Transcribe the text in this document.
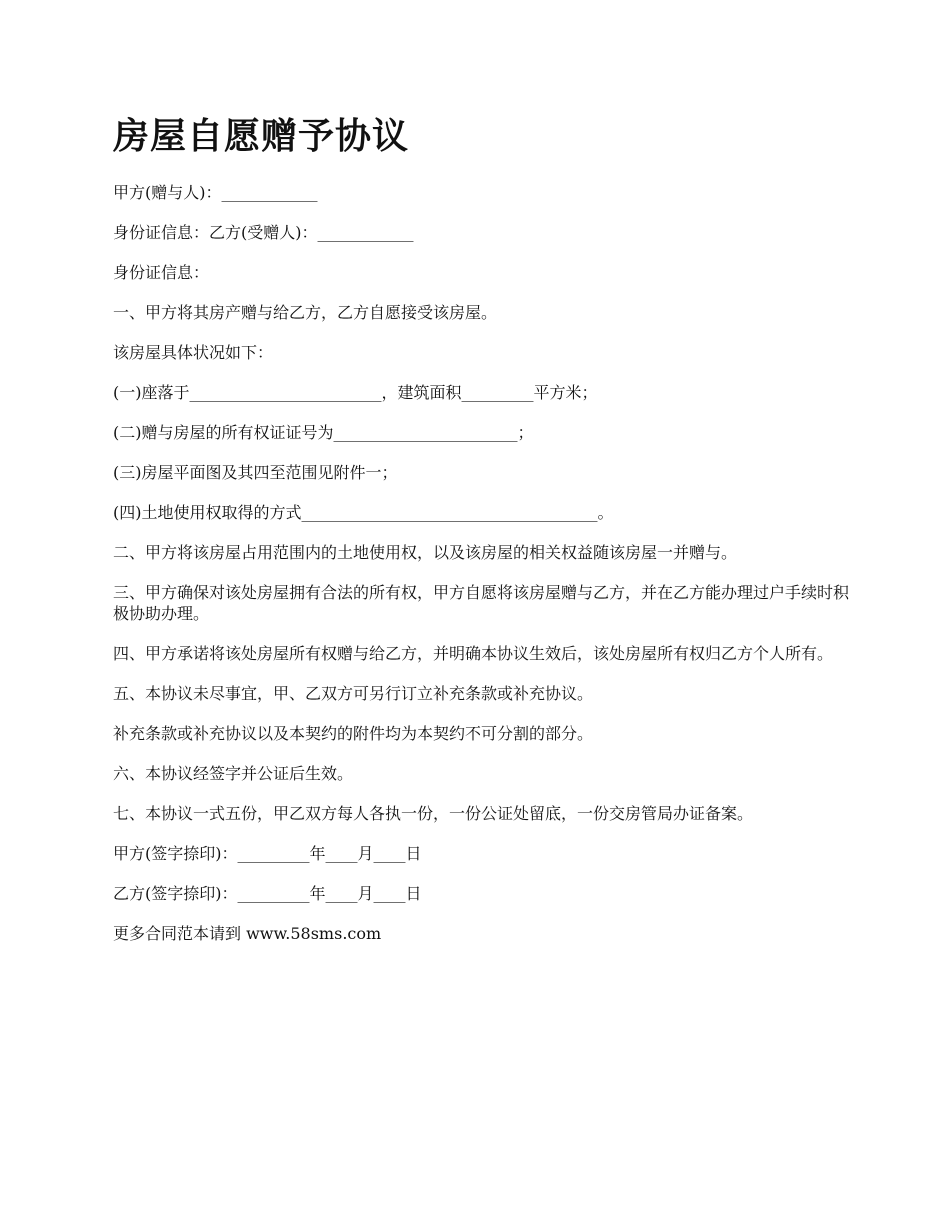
房屋自愿赠予协议

甲方(赠与人)：____________

身份证信息：乙方(受赠人)：____________

身份证信息：

一、甲方将其房产赠与给乙方，乙方自愿接受该房屋。

该房屋具体状况如下：

(一)座落于________________________，建筑面积_________平方米；

(二)赠与房屋的所有权证证号为_______________________；

(三)房屋平面图及其四至范围见附件一；

(四)土地使用权取得的方式_____________________________________。

二、甲方将该房屋占用范围内的土地使用权，以及该房屋的相关权益随该房屋一并赠与。

三、甲方确保对该处房屋拥有合法的所有权，甲方自愿将该房屋赠与乙方，并在乙方能办理过户手续时积极协助办理。

四、甲方承诺将该处房屋所有权赠与给乙方，并明确本协议生效后，该处房屋所有权归乙方个人所有。

五、本协议未尽事宜，甲、乙双方可另行订立补充条款或补充协议。

补充条款或补充协议以及本契约的附件均为本契约不可分割的部分。

六、本协议经签字并公证后生效。

七、本协议一式五份，甲乙双方每人各执一份，一份公证处留底，一份交房管局办证备案。

甲方(签字捺印)：_________年____月____日

乙方(签字捺印)：_________年____月____日

更多合同范本请到 www.58sms.com
